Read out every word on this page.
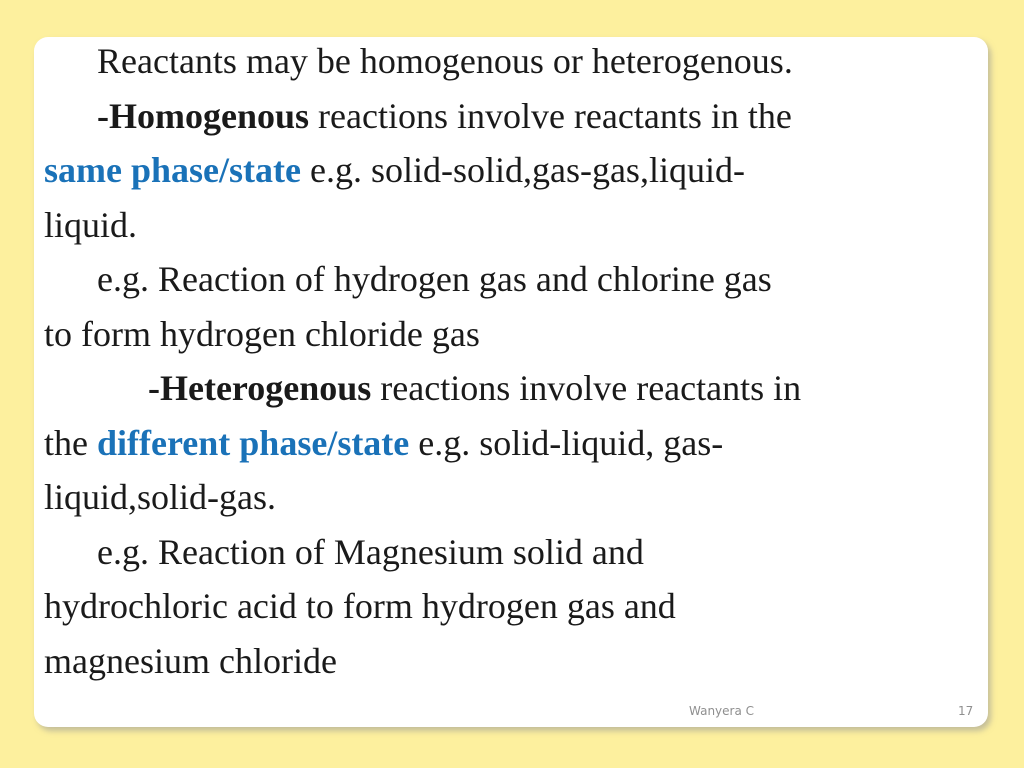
Reactants may be homogenous or heterogenous.

-Homogenous reactions involve reactants in the

same phase/state e.g. solid-solid,gas-gas,liquid-

liquid.

e.g. Reaction of hydrogen gas and chlorine gas

to form hydrogen chloride gas

-Heterogenous reactions involve reactants in

the different phase/state e.g. solid-liquid, gas-

liquid,solid-gas.

e.g. Reaction of Magnesium solid and

hydrochloric acid to form hydrogen gas and

magnesium chloride

Wanyera C	17
